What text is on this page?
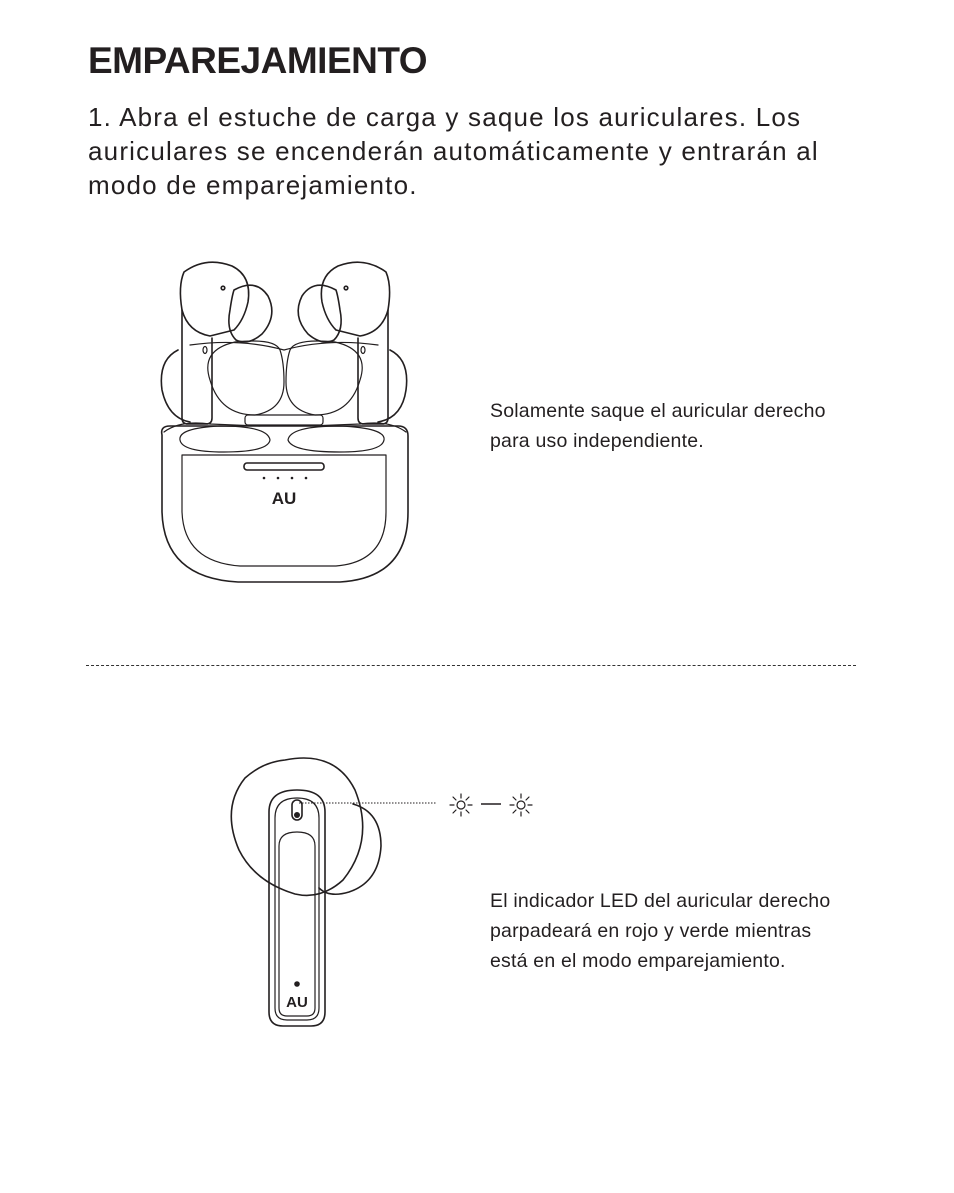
EMPAREJAMIENTO

1. Abra el estuche de carga y saque los auriculares. Los auriculares se encenderán automáticamente y entrarán al modo de emparejamiento.

AU

Solamente saque el auricular derecho para uso independiente.

AU

El indicador LED del auricular derecho parpadeará en rojo y verde mientras está en el modo emparejamiento.
